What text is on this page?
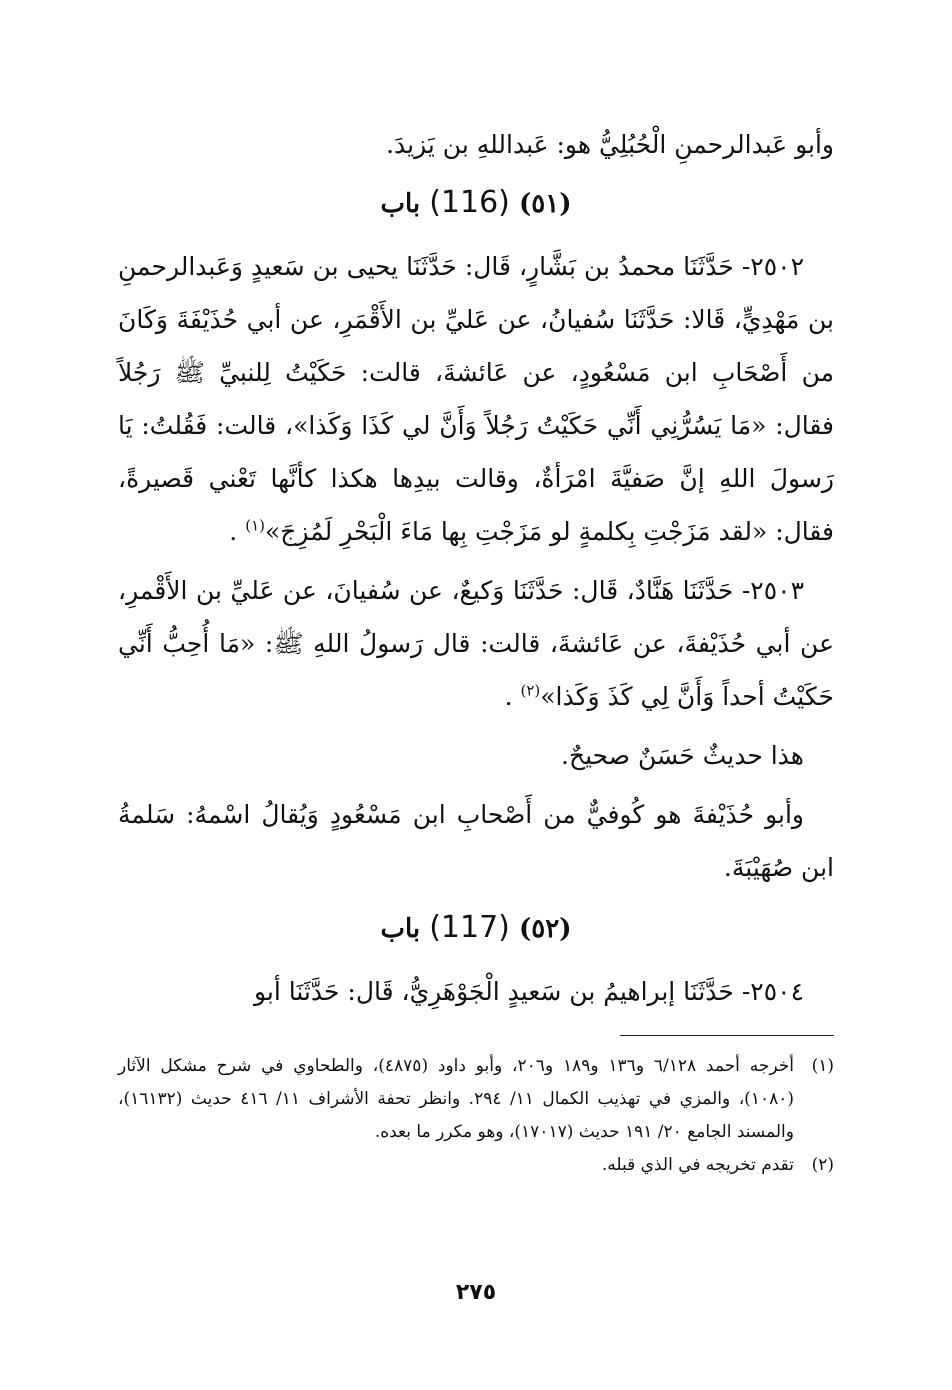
وأبو عَبدالرحمنِ الْحُبُلِيُّ هو: عَبداللهِ بن يَزيدَ.

(٥١) (116) باب

٢٥٠٢- حَدَّثَنَا محمدُ بن بَشَّارٍ، قَال: حَدَّثَنَا يحيى بن سَعيدٍ وَعَبدالرحمنِ بن مَهْدِيٍّ، قَالا: حَدَّثَنَا سُفيانُ، عن عَليِّ بن الأَقْمَرِ، عن أبي حُذَيْفَةَ وَكَانَ من أَصْحَابِ ابن مَسْعُودٍ، عن عَائشةَ، قالت: حَكَيْتُ لِلنبيِّ ﷺ رَجُلاً فقال: «مَا يَسُرُّنِي أَنِّي حَكَيْتُ رَجُلاً وَأَنَّ لي كَذَا وَكَذا»، قالت: فَقُلتُ: يَا رَسولَ اللهِ إنَّ صَفيَّةَ امْرَأةٌ، وقالت بيدِها هكذا كأنَّها تَعْني قَصيرةً، فقال: «لقد مَزَجْتِ بِكلمةٍ لو مَزَجْتِ بِها مَاءَ الْبَحْرِ لَمُزِجَ»$^{(١)}$ .

٢٥٠٣- حَدَّثَنَا هَنَّادٌ، قَال: حَدَّثَنَا وَكيعٌ، عن سُفيانَ، عن عَليِّ بن الأَقْمرِ، عن أبي حُذَيْفةَ، عن عَائشةَ، قالت: قال رَسولُ اللهِ ﷺ: «مَا أُحِبُّ أَنِّي حَكَيْتُ أحداً وَأَنَّ لِي كَذَ وَكَذا»$^{(٢)}$ .

هذا حديثٌ حَسَنٌ صحيحٌ.

وأبو حُذَيْفةَ هو كُوفيٌّ من أَصْحابِ ابن مَسْعُودٍ وَيُقالُ اسْمهُ: سَلمةُ ابن صُهَيْبَةَ.

(٥٢) (117) باب

٢٥٠٤- حَدَّثَنَا إبراهيمُ بن سَعيدٍ الْجَوْهَرِيُّ، قَال: حَدَّثَنَا أبو

(١)
أخرجه أحمد ٦/١٢٨ و١٣٦ و١٨٩ و٢٠٦، وأبو داود (٤٨٧٥)، والطحاوي في شرح مشكل الآثار (١٠٨٠)، والمزي في تهذيب الكمال ١١/ ٢٩٤. وانظر تحفة الأشراف ١١/ ٤١٦ حديث (١٦١٣٢)، والمسند الجامع ٢٠/ ١٩١ حديث (١٧٠١٧)، وهو مكرر ما بعده.
(٢)
تقدم تخريجه في الذي قبله.
٢٧٥
